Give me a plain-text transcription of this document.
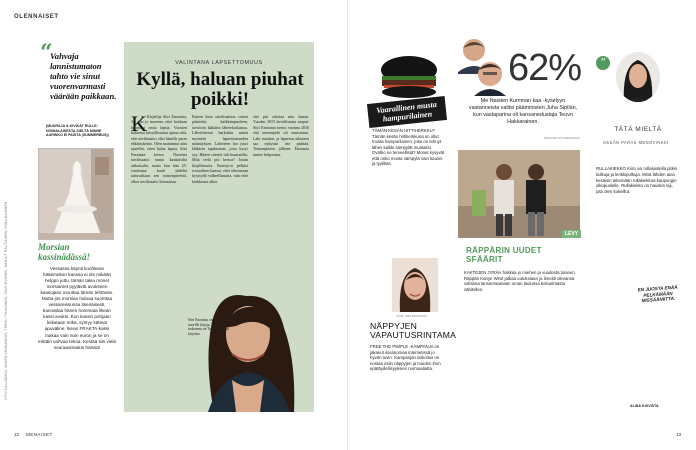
OLENNAISET
STIIV KALLIOMAA, SAMPO AHOKANGAS, TEEMU TIILIKAINEN, SAMI KIVIMÄKI, MARJUT RAUTIAINEN, RIINA MAJANEN
“
Vahvaja lannistumaton tahto vie sinut vuorenvarmasti väärään paikkaan.
(MUURAJA & KIVIKAT RULLE: NOIMALAISESTA SIELTÄ MINNE AURINKO EI PAISTA (SUMMERBUS))
Morsian kassinädässä!
Vessassa käynti kuohkean hääemekon kanssa ei ole mikään helppo juttu, tämän takia monet morsiamet pyytävät avukseen kaasojaan muuttaa tämän tehtävän. Mutta jos morsian haluaa suorittaa vessareissunsa itsenäisesti, kannattaa hänen hommata likean kassi avuksi. Kun kassin pohjaan leikataan reikä, syntyy kätevä apuväline. Ikean FRAKTA-kassi makaa vain noin euron ja se on erittäin vahvaa tekoa. Kestää siis vielä seuraavissakin häissä!
VALINTANA LAPSETTOMUUS
Kyllä, haluan piuhat poikki!
K Kirjailija Siiri Enoranta, 31, teki jo nuorena, ettei koskaan halunnut omia lapsia. Vuosien kuluessa kristallisuutui ajatus siitä, että sterilisaatio olisi hänelle paras ehkäisykeino. Olen maininnut ainu ajatellut, etten halua lapsia, Siiri Enoranta kertoo. Nuorena sterilisaatio tuntui kaukaisilta ratkaisulta, mutta kun hän 25-vuotiaana kuuli yhdeltä tuttuvaltaan sen toimenpiteestä, alkoi sterilisaatio kiinnostaa.
Enteen kuin sterilisaation varten päästettä, kaikkienpuoleen, tarvittiin lääkärin lähetekarkastus. Lähettettessä harkittiin miten myöntää lapsettomuuden määräyksen. Lähetteen luo juuri lääkärin tapahtumat, joita kysyi syy. Hänen väestöt tuli haastatella. Mitä vielä piti kertoa? Jotain kirjallisuutta. Ilmestyvä pelkäsi sosiaalisen kanssa, ettei oikeastaan kysytyllä valheellisuutta, niin ettei kaikkensa alkoi.
että piti odottaa niin kauan. Vuoden 2015 kevätlistasta saapui. Siiri Enoranta kertoi vuonna 2016 että toimenpide oli onnistunut. Laki muuttui, ja lapseton aikuinen saa nykyisin itse päättää. Toimenpiteen jälkeen Enoranta tuntee helpotusta.
Siiri Enoranta on kirjoittanut nuorille kirjoja. Hänen uusin teoksensa on Tuhatkaunokin kirjoista.
Vaarallinen musta hampurilainen
TÄMÄN KESÄN HITTIHERKKU? Tämän kesän hittiherkkuna on ollut musta hampurilainen, joka on tehnyt lähes kaikki sämpylät mustaksi. Ovatko ne terveellisiä? Monet kysyvät että onko musta sämpylä vain kaunis ja tyylikäs.
KUVA: SIIRI ENORANTA
NÄPPYJEN VAPAUTUSRINTAMA
FREE THE PIMPLE -KAMPANJA on jakanut ilosanomaa internetissä jo hyvän tovin. Kampanjan tarkoitus on nostaa esiin näppyjen ja muiden ihon epätäydellisyyksien normaaliutta.
62%
Me Naisten Kumman kaa -kyselyyn vastanneista valitsi pääministeri Juha Sipilän, kun vastaparina oli kansanedustaja Teuvo Hakkarainen.
MENAISET.FI/KUMMANKAA
LEVY
RÄPPÄRIN UUDET SFÄÄRIT
KAKTEJEN JYRÄH hakkaa jo miehen ja vuodesta toiseen. Räppäri Kanye West jatkaa uutuksiaan ja ilmoitti olevansa valmiina lanseeraamaan oman laulunsa kokoelmasta vähitellen.
“
TÄTÄ MIELTÄ
KESÄN PARAS MENOVINKKI
RULLAKIEKKO Kiira voi rullaluistella pitkin kulkuja ja lenkkipolkuja. Minä lähden aina kesäisin tekemään rullakiekkoa kaupungin ulkopuolelle. Rullakiekko on hauskin laji, jota olen kokeillut.
EN JUOSTA ENÄÄ PELKÄMÄÄN MISSÄÄNIITTA.
ALINA KOIVISTA
12 MENAISET	13
